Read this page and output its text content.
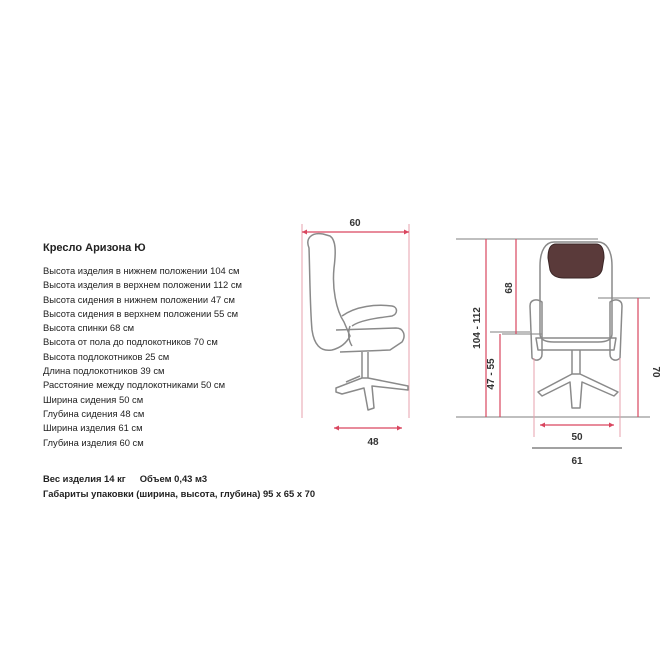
Кресло Аризона Ю
Высота изделия в нижнем положении 104 см
Высота изделия в верхнем положении 112 см
Высота сидения в нижнем положении 47 см
Высота сидения в верхнем положении 55 см
Высота спинки 68 см
Высота от пола до подлокотников 70 см
Высота подлокотников 25 см
Длина подлокотников 39 см
Расстояние между подлокотниками 50 см
Ширина сидения 50 см
Глубина сидения 48 см
Ширина изделия 61 см
Глубина изделия 60 см
Вес изделия 14 кг Объем 0,43 м3
Габариты упаковки (ширина, высота, глубина) 95 х 65 х 70
60
48
104 - 112
47 - 55
68
70
50
61
